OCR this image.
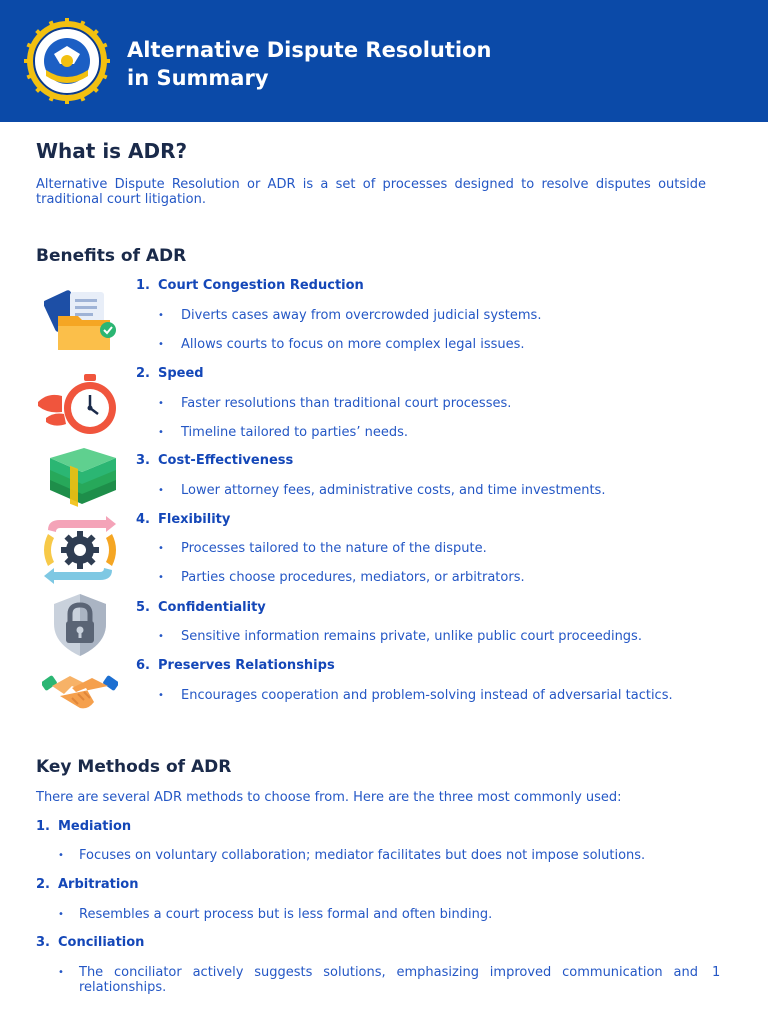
Alternative Dispute Resolution
in Summary
What is ADR?
Alternative Dispute Resolution or ADR is a set of processes designed to resolve disputes outside traditional court litigation.
Benefits of ADR
1. Court Congestion Reduction
• Diverts cases away from overcrowded judicial systems.
• Allows courts to focus on more complex legal issues.
2. Speed
• Faster resolutions than traditional court processes.
• Timeline tailored to parties’ needs.
3. Cost-Effectiveness
• Lower attorney fees, administrative costs, and time investments.
4. Flexibility
• Processes tailored to the nature of the dispute.
• Parties choose procedures, mediators, or arbitrators.
5. Confidentiality
• Sensitive information remains private, unlike public court proceedings.
6. Preserves Relationships
• Encourages cooperation and problem-solving instead of adversarial tactics.
Key Methods of ADR
There are several ADR methods to choose from. Here are the three most commonly used:
1. Mediation
• Focuses on voluntary collaboration; mediator facilitates but does not impose solutions.
2. Arbitration
• Resembles a court process but is less formal and often binding.
3. Conciliation
• The conciliator actively suggests solutions, emphasizing improved communication and relationships.
1
